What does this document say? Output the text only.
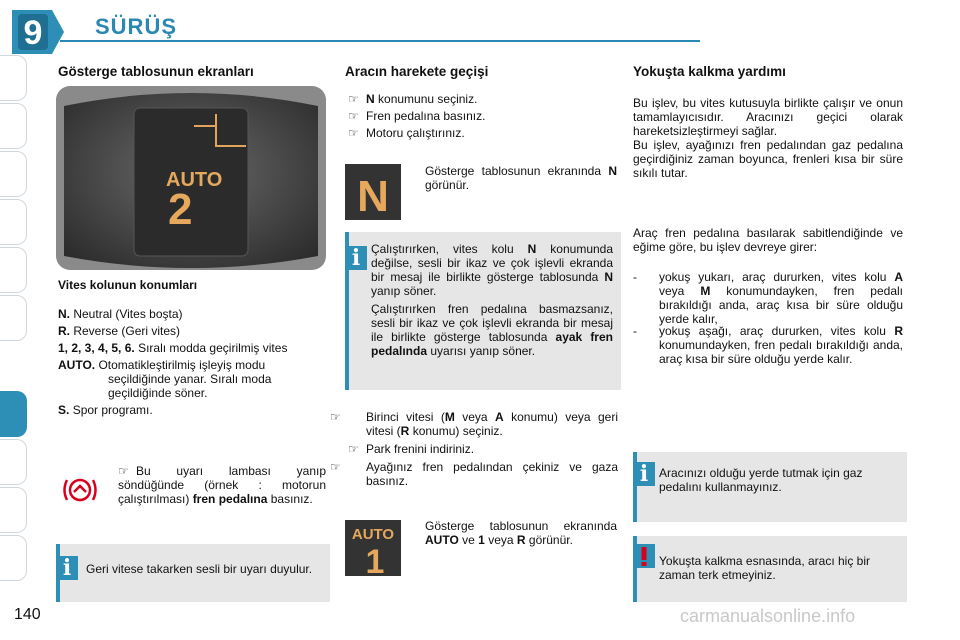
9 SÜRÜŞ
Gösterge tablosunun ekranları
AUTO
2
Vites kolunun konumları
N. Neutral (Vites boşta)
R. Reverse (Geri vites)
1, 2, 3, 4, 5, 6. Sıralı modda geçirilmiş vites
AUTO. Otomatikleştirilmiş işleyiş modu seçildiğinde yanar. Sıralı moda geçildiğinde söner.
S. Spor programı.
☞ Bu uyarı lambası yanıp söndüğünde (örnek : motorun çalıştırılması) fren pedalına basınız.
i	Geri vitese takarken sesli bir uyarı duyulur.
Aracın harekete geçişi
☞ N konumunu seçiniz.
☞ Fren pedalına basınız.
☞ Motoru çalıştırınız.
N
Gösterge tablosunun ekranında N görünür.
i Çalıştırırken, vites kolu N konumunda değilse, sesli bir ikaz ve çok işlevli ekranda bir mesaj ile birlikte gösterge tablosunda N yanıp söner.
Çalıştırırken fren pedalına basmazsanız, sesli bir ikaz ve çok işlevli ekranda bir mesaj ile birlikte gösterge tablosunda ayak fren pedalında uyarısı yanıp söner.
☞ Birinci vitesi (M veya A konumu) veya geri vitesi (R konumu) seçiniz.
☞ Park frenini indiriniz.
☞ Ayağınız fren pedalından çekiniz ve gaza basınız.
AUTO
1
Gösterge tablosunun ekranında AUTO ve 1 veya R görünür.
Yokuşta kalkma yardımı
Bu işlev, bu vites kutusuyla birlikte çalışır ve onun tamamlayıcısıdır. Aracınızı geçici olarak hareketsizleştirmeyi sağlar.
Bu işlev, ayağınızı fren pedalından gaz pedalına geçirdiğiniz zaman boyunca, frenleri kısa bir süre sıkılı tutar.
Araç fren pedalına basılarak sabitlendiğinde ve eğime göre, bu işlev devreye girer:
- yokuş yukarı, araç dururken, vites kolu A veya M konumundayken, fren pedalı bırakıldığı anda, araç kısa bir süre olduğu yerde kalır,
- yokuş aşağı, araç dururken, vites kolu R konumundayken, fren pedalı bırakıldığı anda, araç kısa bir süre olduğu yerde kalır.
i Aracınızı olduğu yerde tutmak için gaz pedalını kullanmayınız.
Yokuşta kalkma esnasında, aracı hiç bir zaman terk etmeyiniz.
140	carmanualsonline.info
